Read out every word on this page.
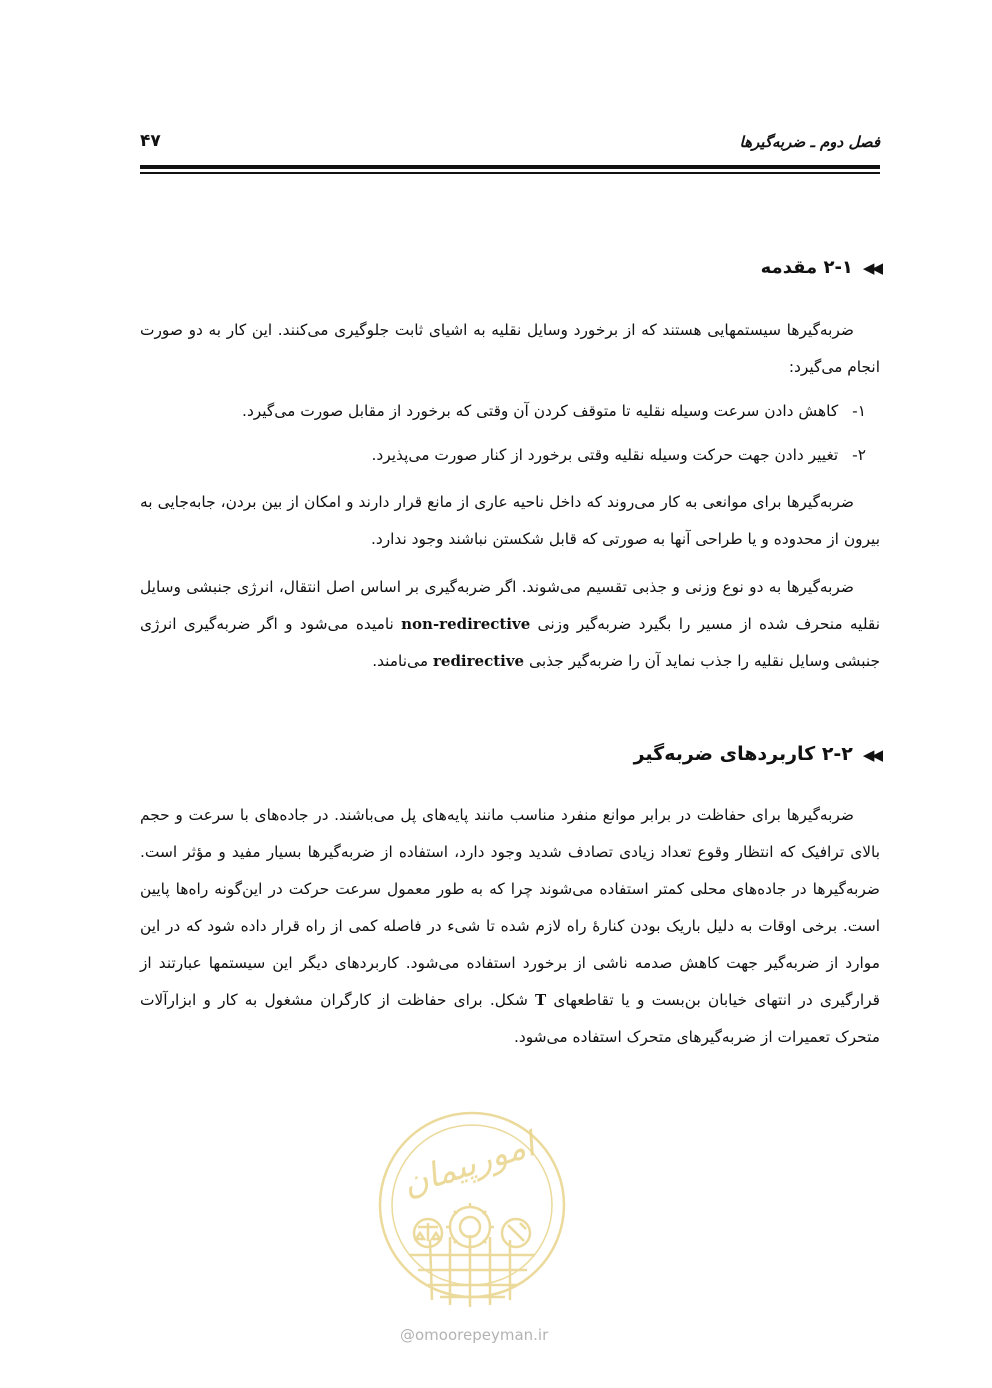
فصل دوم ـ ضربه‌گیرها
۴۷
◀◀۲-۱ مقدمه
ضربه‌گیرها سیستمهایی هستند که از برخورد وسایل نقلیه به اشیای ثابت جلوگیری می‌کنند. این کار به دو صورت انجام می‌گیرد:
۱-کاهش دادن سرعت وسیله نقلیه تا متوقف کردن آن وقتی که برخورد از مقابل صورت می‌گیرد.
۲-تغییر دادن جهت حرکت وسیله نقلیه وقتی برخورد از کنار صورت می‌پذیرد.
ضربه‌گیرها برای موانعی به کار می‌روند که داخل ناحیه عاری از مانع قرار دارند و امکان از بین بردن، جابه‌جایی به بیرون از محدوده و یا طراحی آنها به صورتی که قابل شکستن نباشند وجود ندارد.
ضربه‌گیرها به دو نوع وزنی و جذبی تقسیم می‌شوند. اگر ضربه‌گیری بر اساس اصل انتقال، انرژی جنبشی وسایل نقلیه منحرف شده از مسیر را بگیرد ضربه‌گیر وزنی non-redirective نامیده می‌شود و اگر ضربه‌گیری انرژی جنبشی وسایل نقلیه را جذب نماید آن را ضربه‌گیر جذبی redirective می‌نامند.
◀◀۲-۲ کاربردهای ضربه‌گیر
ضربه‌گیرها برای حفاظت در برابر موانع منفرد مناسب مانند پایه‌های پل می‌باشند. در جاده‌های با سرعت و حجم بالای ترافیک که انتظار وقوع تعداد زیادی تصادف شدید وجود دارد، استفاده از ضربه‌گیرها بسیار مفید و مؤثر است. ضربه‌گیرها در جاده‌های محلی کمتر استفاده می‌شوند چرا که به طور معمول سرعت حرکت در این‌گونه راه‌ها پایین است. برخی اوقات به دلیل باریک بودن کنارهٔ راه لازم شده تا شیء در فاصله کمی از راه قرار داده شود که در این موارد از ضربه‌گیر جهت کاهش صدمه ناشی از برخورد استفاده می‌شود. کاربردهای دیگر این سیستمها عبارتند از قرارگیری در انتهای خیابان بن‌بست و یا تقاطعهای T شکل. برای حفاظت از کارگران مشغول به کار و ابزارآلات متحرک تعمیرات از ضربه‌گیرهای متحرک استفاده می‌شود.
امورپیمان
@omoorepeyman.ir
